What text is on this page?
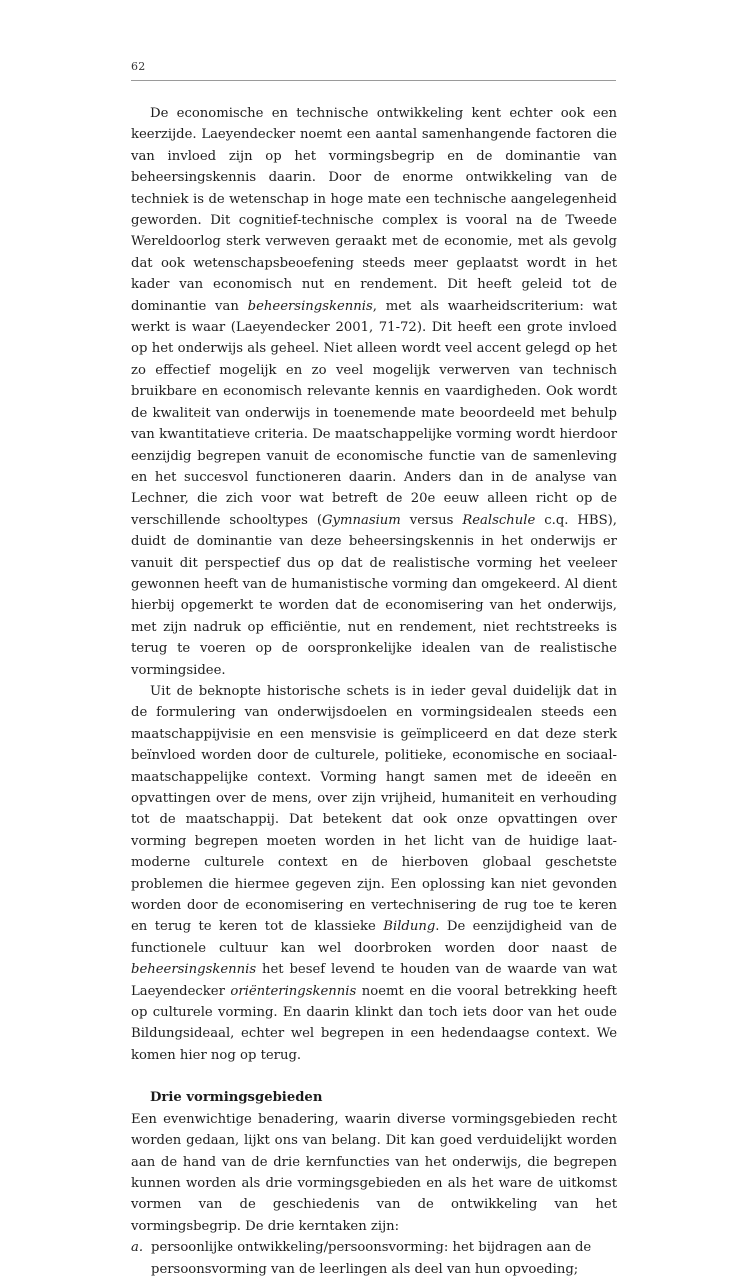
62

De economische en technische ontwikkeling kent echter ook een keerzijde. Laeyendecker noemt een aantal samenhangende factoren die van invloed zijn op het vormingsbegrip en de dominantie van beheersingskennis daarin. Door de enorme ontwikkeling van de techniek is de wetenschap in hoge mate een technische aangelegenheid geworden. Dit cognitief-technische complex is vooral na de Tweede Wereldoorlog sterk verweven geraakt met de economie, met als gevolg dat ook wetenschapsbeoefening steeds meer geplaatst wordt in het kader van economisch nut en rendement. Dit heeft geleid tot de dominantie van beheersingskennis, met als waarheidscriterium: wat werkt is waar (Laeyendecker 2001, 71-72). Dit heeft een grote invloed op het onderwijs als geheel. Niet alleen wordt veel accent gelegd op het zo effectief mogelijk en zo veel mogelijk verwerven van technisch bruikbare en economisch relevante kennis en vaardigheden. Ook wordt de kwaliteit van onderwijs in toenemende mate beoordeeld met behulp van kwantitatieve criteria. De maatschappelijke vorming wordt hierdoor eenzijdig begrepen vanuit de economische functie van de samenleving en het succesvol functioneren daarin. Anders dan in de analyse van Lechner, die zich voor wat betreft de 20e eeuw alleen richt op de verschillende schooltypes (Gymnasium versus Realschule c.q. HBS), duidt de dominantie van deze beheersingskennis in het onderwijs er vanuit dit perspectief dus op dat de realistische vorming het veeleer gewonnen heeft van de humanistische vorming dan omgekeerd. Al dient hierbij opgemerkt te worden dat de economisering van het onderwijs, met zijn nadruk op efficiëntie, nut en rendement, niet rechtstreeks is terug te voeren op de oorspronkelijke idealen van de realistische vormingsidee.

Uit de beknopte historische schets is in ieder geval duidelijk dat in de formulering van onderwijsdoelen en vormingsidealen steeds een maatschappijvisie en een mensvisie is geïmpliceerd en dat deze sterk beïnvloed worden door de culturele, politieke, economische en sociaal-maatschappelijke context. Vorming hangt samen met de ideeën en opvattingen over de mens, over zijn vrijheid, humaniteit en verhouding tot de maatschappij. Dat betekent dat ook onze opvattingen over vorming begrepen moeten worden in het licht van de huidige laat-moderne culturele context en de hierboven globaal geschetste problemen die hiermee gegeven zijn. Een oplossing kan niet gevonden worden door de economisering en vertechnisering de rug toe te keren en terug te keren tot de klassieke Bildung. De eenzijdigheid van de functionele cultuur kan wel doorbroken worden door naast de beheersingskennis het besef levend te houden van de waarde van wat Laeyendecker oriënteringskennis noemt en die vooral betrekking heeft op culturele vorming. En daarin klinkt dan toch iets door van het oude Bildungsideaal, echter wel begrepen in een hedendaagse context. We komen hier nog op terug.

Drie vormingsgebieden

Een evenwichtige benadering, waarin diverse vormingsgebieden recht worden gedaan, lijkt ons van belang. Dit kan goed verduidelijkt worden aan de hand van de drie kernfuncties van het onderwijs, die begrepen kunnen worden als drie vormingsgebieden en als het ware de uitkomst vormen van de geschiedenis van de ontwikkeling van het vormingsbegrip. De drie kerntaken zijn:

a. persoonlijke ontwikkeling/persoonsvorming: het bijdragen aan de persoonsvorming van de leerlingen als deel van hun opvoeding;
